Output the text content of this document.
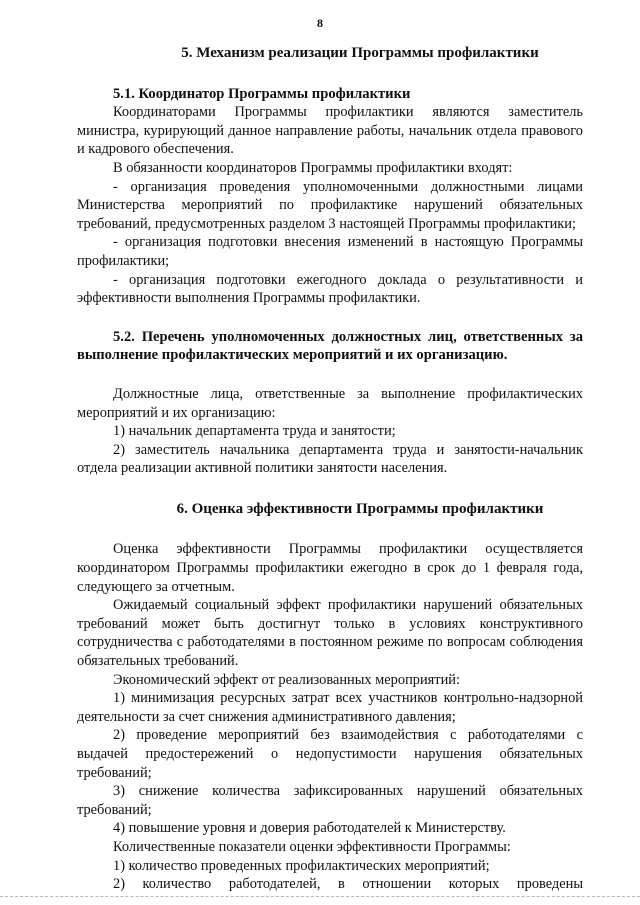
8
5. Механизм реализации Программы профилактики
5.1. Координатор Программы профилактики

Координаторами Программы профилактики являются заместитель министра, курирующий данное направление работы, начальник отдела правового и кадрового обеспечения.

В обязанности координаторов Программы профилактики входят:

- организация проведения уполномоченными должностными лицами Министерства мероприятий по профилактике нарушений обязательных требований, предусмотренных разделом 3 настоящей Программы профилактики;

- организация подготовки внесения изменений в настоящую Программы профилактики;

- организация подготовки ежегодного доклада о результативности и эффективности выполнения Программы профилактики.

5.2. Перечень уполномоченных должностных лиц, ответственных за выполнение профилактических мероприятий и их организацию.

Должностные лица, ответственные за выполнение профилактических мероприятий и их организацию:

1) начальник департамента труда и занятости;

2) заместитель начальника департамента труда и занятости-начальник отдела реализации активной политики занятости населения.

6. Оценка эффективности Программы профилактики

Оценка эффективности Программы профилактики осуществляется координатором Программы профилактики ежегодно в срок до 1 февраля года, следующего за отчетным.

Ожидаемый социальный эффект профилактики нарушений обязательных требований может быть достигнут только в условиях конструктивного сотрудничества с работодателями в постоянном режиме по вопросам соблюдения обязательных требований.

Экономический эффект от реализованных мероприятий:

1) минимизация ресурсных затрат всех участников контрольно-надзорной деятельности за счет снижения административного давления;

2) проведение мероприятий без взаимодействия с работодателями с выдачей предостережений о недопустимости нарушения обязательных требований;

3) снижение количества зафиксированных нарушений обязательных требований;

4) повышение уровня и доверия работодателей к Министерству.

Количественные показатели оценки эффективности Программы:

1) количество проведенных профилактических мероприятий;

2) количество работодателей, в отношении которых проведены
